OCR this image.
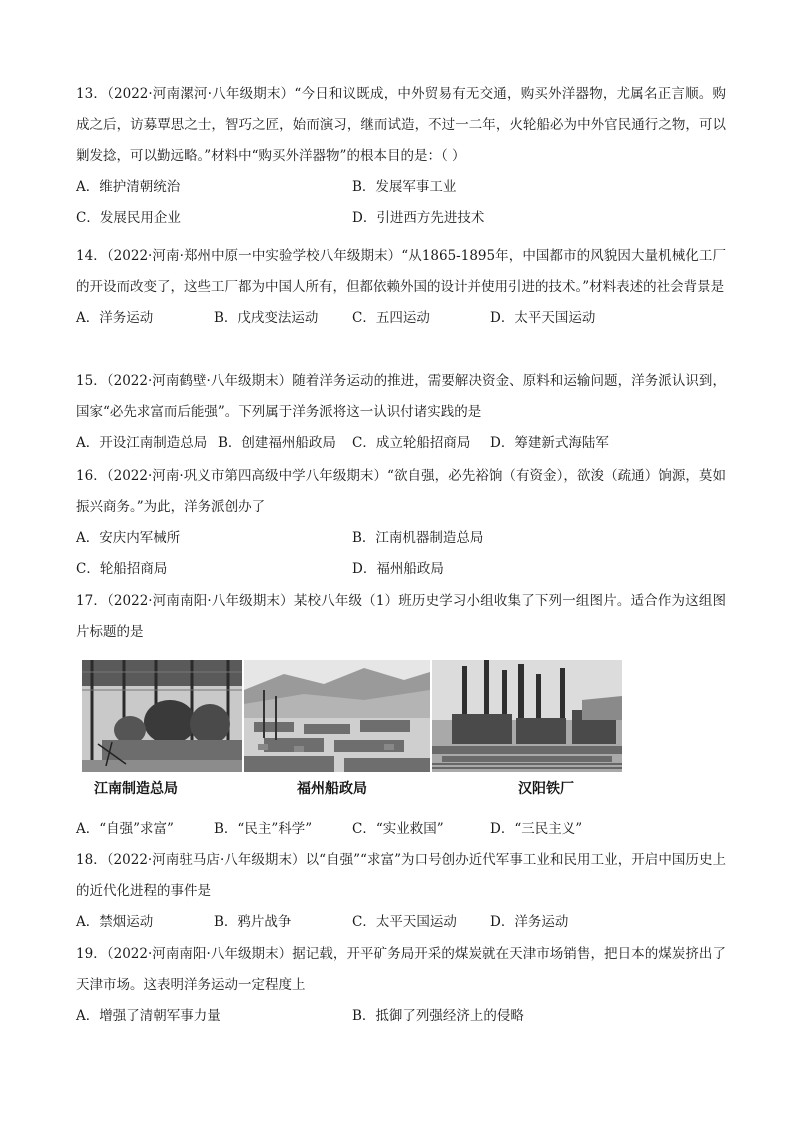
13．（2022·河南漯河·八年级期末）“今日和议既成，中外贸易有无交通，购买外洋器物，尤属名正言顺。购成之后，访募覃思之士，智巧之匠，始而演习，继而试造，不过一二年，火轮船必为中外官民通行之物，可以剿发捻，可以勤远略。”材料中“购买外洋器物”的根本目的是：（ ）

A．维护清朝统治	B．发展军事工业
C．发展民用企业	D．引进西方先进技术

14．（2022·河南·郑州中原一中实验学校八年级期末）“从1865-1895年，中国都市的风貌因大量机械化工厂的开设而改变了，这些工厂都为中国人所有，但都依赖外国的设计并使用引进的技术。”材料表述的社会背景是

A．洋务运动	B．戊戌变法运动 C．五四运动	D．太平天国运动

15．（2022·河南鹤壁·八年级期末）随着洋务运动的推进，需要解决资金、原料和运输问题，洋务派认识到，国家“必先求富而后能强”。下列属于洋务派将这一认识付诸实践的是

A．开设江南制造总局 B．创建福州船政局 C．成立轮船招商局 D．筹建新式海陆军

16．（2022·河南·巩义市第四高级中学八年级期末）“欲自强，必先裕饷（有资金），欲浚（疏通）饷源，莫如振兴商务。”为此，洋务派创办了

A．安庆内军械所	B．江南机器制造总局
C．轮船招商局	D．福州船政局

17．（2022·河南南阳·八年级期末）某校八年级（1）班历史学习小组收集了下列一组图片。适合作为这组图片标题的是

江南制造总局	福州船政局	汉阳铁厂
A．“自强”求富”	B．“民主”科学”	C．“实业救国”	D．“三民主义”

18．（2022·河南驻马店·八年级期末）以“自强”“求富”为口号创办近代军事工业和民用工业，开启中国历史上的近代化进程的事件是

A．禁烟运动	B．鸦片战争	C．太平天国运动 D．洋务运动

19．（2022·河南南阳·八年级期末）据记载，开平矿务局开采的煤炭就在天津市场销售，把日本的煤炭挤出了天津市场。这表明洋务运动一定程度上

A．增强了清朝军事力量	B．抵御了列强经济上的侵略
